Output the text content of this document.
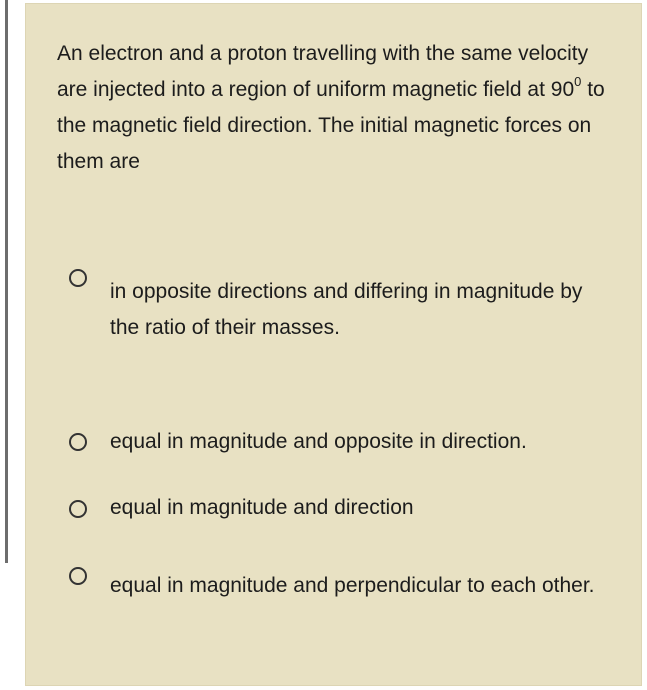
An electron and a proton travelling with the same velocity are injected into a region of uniform magnetic field at $90^0$ to the magnetic field direction. The initial magnetic forces on them are

in opposite directions and differing in magnitude by the ratio of their masses.
equal in magnitude and opposite in direction.
equal in magnitude and direction
equal in magnitude and perpendicular to each other.
